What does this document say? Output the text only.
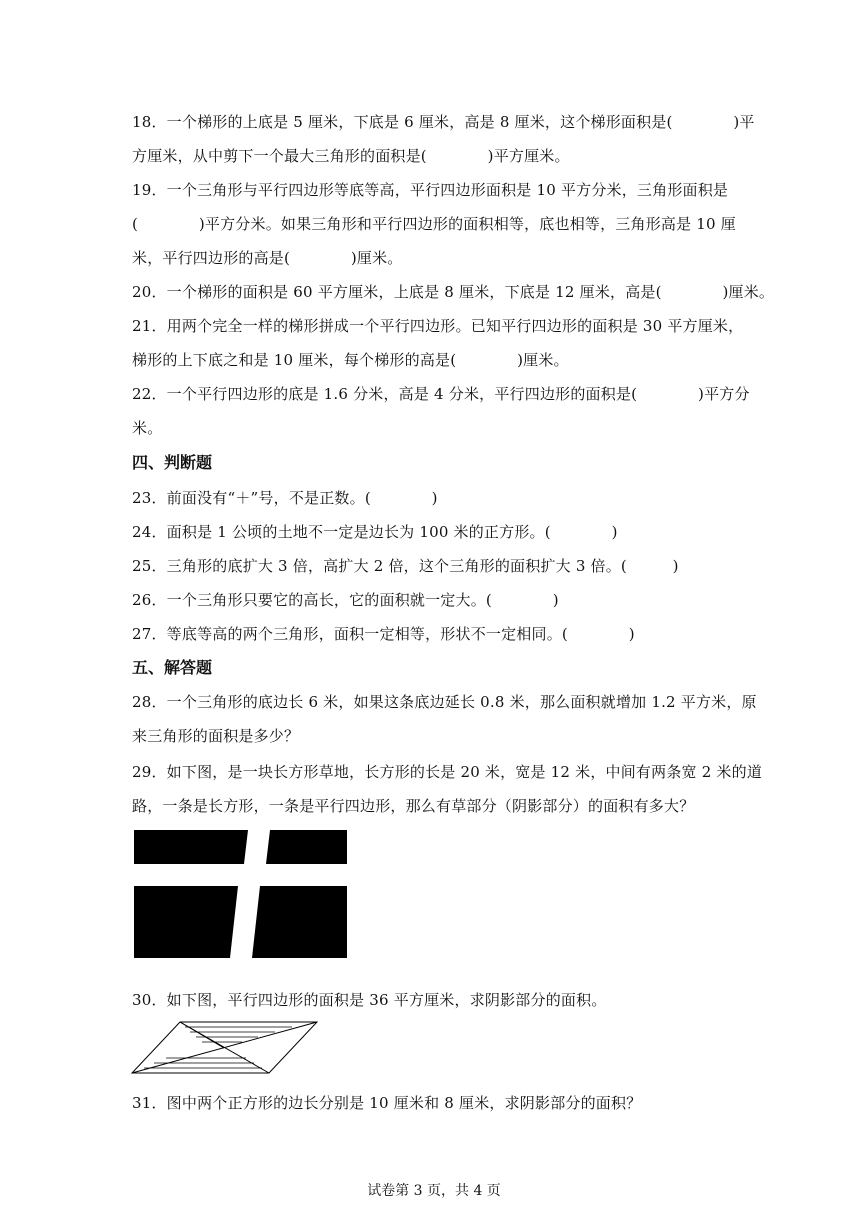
18．一个梯形的上底是 5 厘米，下底是 6 厘米，高是 8 厘米，这个梯形面积是(　　　　)平
方厘米，从中剪下一个最大三角形的面积是(　　　　)平方厘米。
19．一个三角形与平行四边形等底等高，平行四边形面积是 10 平方分米，三角形面积是
(　　　　)平方分米。如果三角形和平行四边形的面积相等，底也相等，三角形高是 10 厘
米，平行四边形的高是(　　　　)厘米。
20．一个梯形的面积是 60 平方厘米，上底是 8 厘米，下底是 12 厘米，高是(　　　　)厘米。
21．用两个完全一样的梯形拼成一个平行四边形。已知平行四边形的面积是 30 平方厘米，
梯形的上下底之和是 10 厘米，每个梯形的高是(　　　　)厘米。
22．一个平行四边形的底是 1.6 分米，高是 4 分米，平行四边形的面积是(　　　　)平方分
米。
四、判断题
23．前面没有“＋”号，不是正数。(　　　　)
24．面积是 1 公顷的土地不一定是边长为 100 米的正方形。(　　　　)
25．三角形的底扩大 3 倍，高扩大 2 倍，这个三角形的面积扩大 3 倍。(　　　)
26．一个三角形只要它的高长，它的面积就一定大。(　　　　)
27．等底等高的两个三角形，面积一定相等，形状不一定相同。(　　　　)
五、解答题
28．一个三角形的底边长 6 米，如果这条底边延长 0.8 米，那么面积就增加 1.2 平方米，原
来三角形的面积是多少？
29．如下图，是一块长方形草地，长方形的长是 20 米，宽是 12 米，中间有两条宽 2 米的道
路，一条是长方形，一条是平行四边形，那么有草部分（阴影部分）的面积有多大？
30．如下图，平行四边形的面积是 36 平方厘米，求阴影部分的面积。
31．图中两个正方形的边长分别是 10 厘米和 8 厘米，求阴影部分的面积？
试卷第 3 页，共 4 页
